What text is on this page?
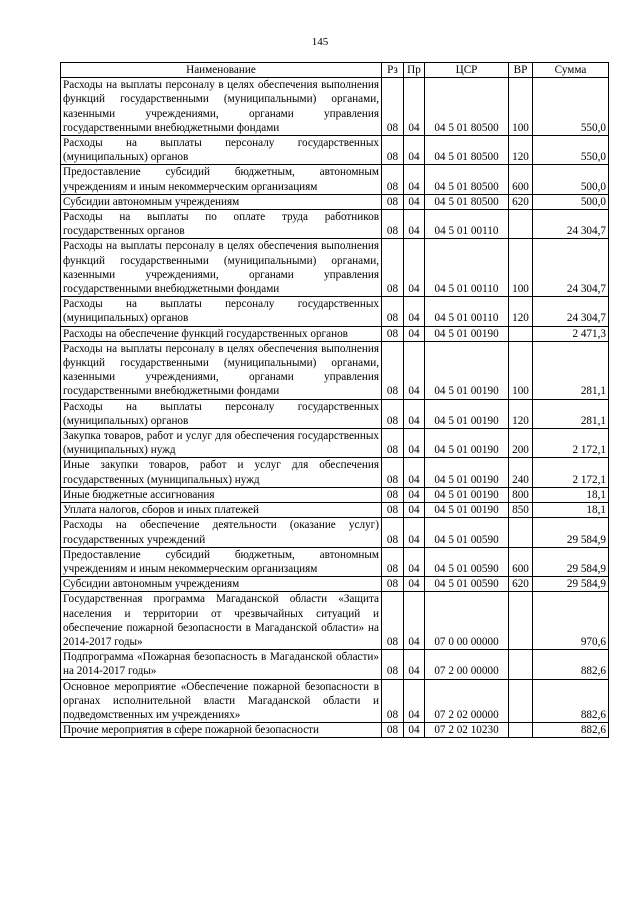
145
Наименование	Рз	Пр	ЦСР	ВР	Сумма
Расходы на выплаты персоналу в целях обеспечения выполнения функций государственными (муниципальными) органами, казенными учреждениями, органами управления государственными внебюджетными фондами	08	04	04 5 01 80500	100	550,0
Расходы на выплаты персоналу государственных (муниципальных) органов	08	04	04 5 01 80500	120	550,0
Предоставление субсидий бюджетным, автономным учреждениям и иным некоммерческим организациям	08	04	04 5 01 80500	600	500,0
Субсидии автономным учреждениям	08	04	04 5 01 80500	620	500,0
Расходы на выплаты по оплате труда работников государственных органов	08	04	04 5 01 00110		24 304,7
Расходы на выплаты персоналу в целях обеспечения выполнения функций государственными (муниципальными) органами, казенными учреждениями, органами управления государственными внебюджетными фондами	08	04	04 5 01 00110	100	24 304,7
Расходы на выплаты персоналу государственных (муниципальных) органов	08	04	04 5 01 00110	120	24 304,7
Расходы на обеспечение функций государственных органов	08	04	04 5 01 00190		2 471,3
Расходы на выплаты персоналу в целях обеспечения выполнения функций государственными (муниципальными) органами, казенными учреждениями, органами управления государственными внебюджетными фондами	08	04	04 5 01 00190	100	281,1
Расходы на выплаты персоналу государственных (муниципальных) органов	08	04	04 5 01 00190	120	281,1
Закупка товаров, работ и услуг для обеспечения государственных (муниципальных) нужд	08	04	04 5 01 00190	200	2 172,1
Иные закупки товаров, работ и услуг для обеспечения государственных (муниципальных) нужд	08	04	04 5 01 00190	240	2 172,1
Иные бюджетные ассигнования	08	04	04 5 01 00190	800	18,1
Уплата налогов, сборов и иных платежей	08	04	04 5 01 00190	850	18,1
Расходы на обеспечение деятельности (оказание услуг) государственных учреждений	08	04	04 5 01 00590		29 584,9
Предоставление субсидий бюджетным, автономным учреждениям и иным некоммерческим организациям	08	04	04 5 01 00590	600	29 584,9
Субсидии автономным учреждениям	08	04	04 5 01 00590	620	29 584,9
Государственная программа Магаданской области «Защита населения и территории от чрезвычайных ситуаций и обеспечение пожарной безопасности в Магаданской области» на 2014-2017 годы»	08	04	07 0 00 00000		970,6
Подпрограмма «Пожарная безопасность в Магаданской области» на 2014-2017 годы»	08	04	07 2 00 00000		882,6
Основное мероприятие «Обеспечение пожарной безопасности в органах исполнительной власти Магаданской области и подведомственных им учреждениях»	08	04	07 2 02 00000		882,6
Прочие мероприятия в сфере пожарной безопасности	08	04	07 2 02 10230		882,6
